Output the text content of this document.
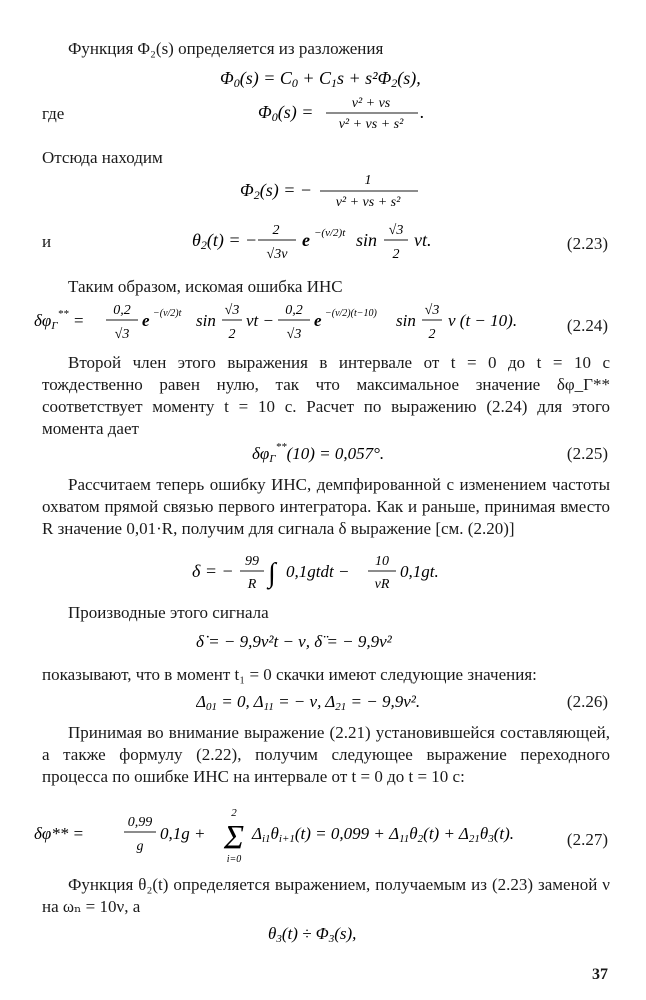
Функция Φ₂(s) определяется из разложения
Φ0(s) = C0 + C1s + s²Φ2(s),
где	Φ0(s) =	ν² + νs
ν² + νs + s²
.
Отсюда находим
Φ2(s) = −	1
ν² + νs + s²
и	θ2(t) = − 2
√3ν
e −(ν/2)t sin √3
2
νt.	(2.23)
Таким образом, искомая ошибка ИНС
δφГ** =
0,2
√3
e −(ν/2)t sin
√3
2
νt −
0,2
√3
e −(ν/2)(t−10) sin
√3
2
ν (t − 10).	(2.24)
Второй член этого выражения в интервале от t = 0 до t = 10 с тождественно равен нулю, так что максимальное значение δφ_Г** соответствует моменту t = 10 с. Расчет по выражению (2.24) для этого момента дает
δφГ**(10) = 0,057°.	(2.25)
Рассчитаем теперь ошибку ИНС, демпфированной с изменением частоты охватом прямой связью первого интегратора. Как и раньше, принимая вместо R значение 0,01·R, получим для сигнала δ выражение [см. (2.20)]
δ = − 99
R ∫ 0,1gtdt −
10
νR
0,1gt.
Производные этого сигнала
δ̇ = − 9,9ν²t − ν, δ̈ = − 9,9ν²
показывают, что в момент t₁ = 0 скачки имеют следующие значения:
Δ01 = 0, Δ11 = − ν, Δ21 = − 9,9ν².	(2.26)
Принимая во внимание выражение (2.21) установившейся составляющей, а также формулу (2.22), получим следующее выражение переходного процесса по ошибке ИНС на интервале от t = 0 до t = 10 с:
δφ** =
0,99
g
0,1g +
2
Σ
i=0
Δi1θi+1(t) = 0,099 + Δ11θ2(t) + Δ21θ3(t).	(2.27)
Функция θ₂(t) определяется выражением, получаемым из (2.23) заменой ν на ωₙ = 10ν, а
θ3(t) ÷ Φ3(s),
37
